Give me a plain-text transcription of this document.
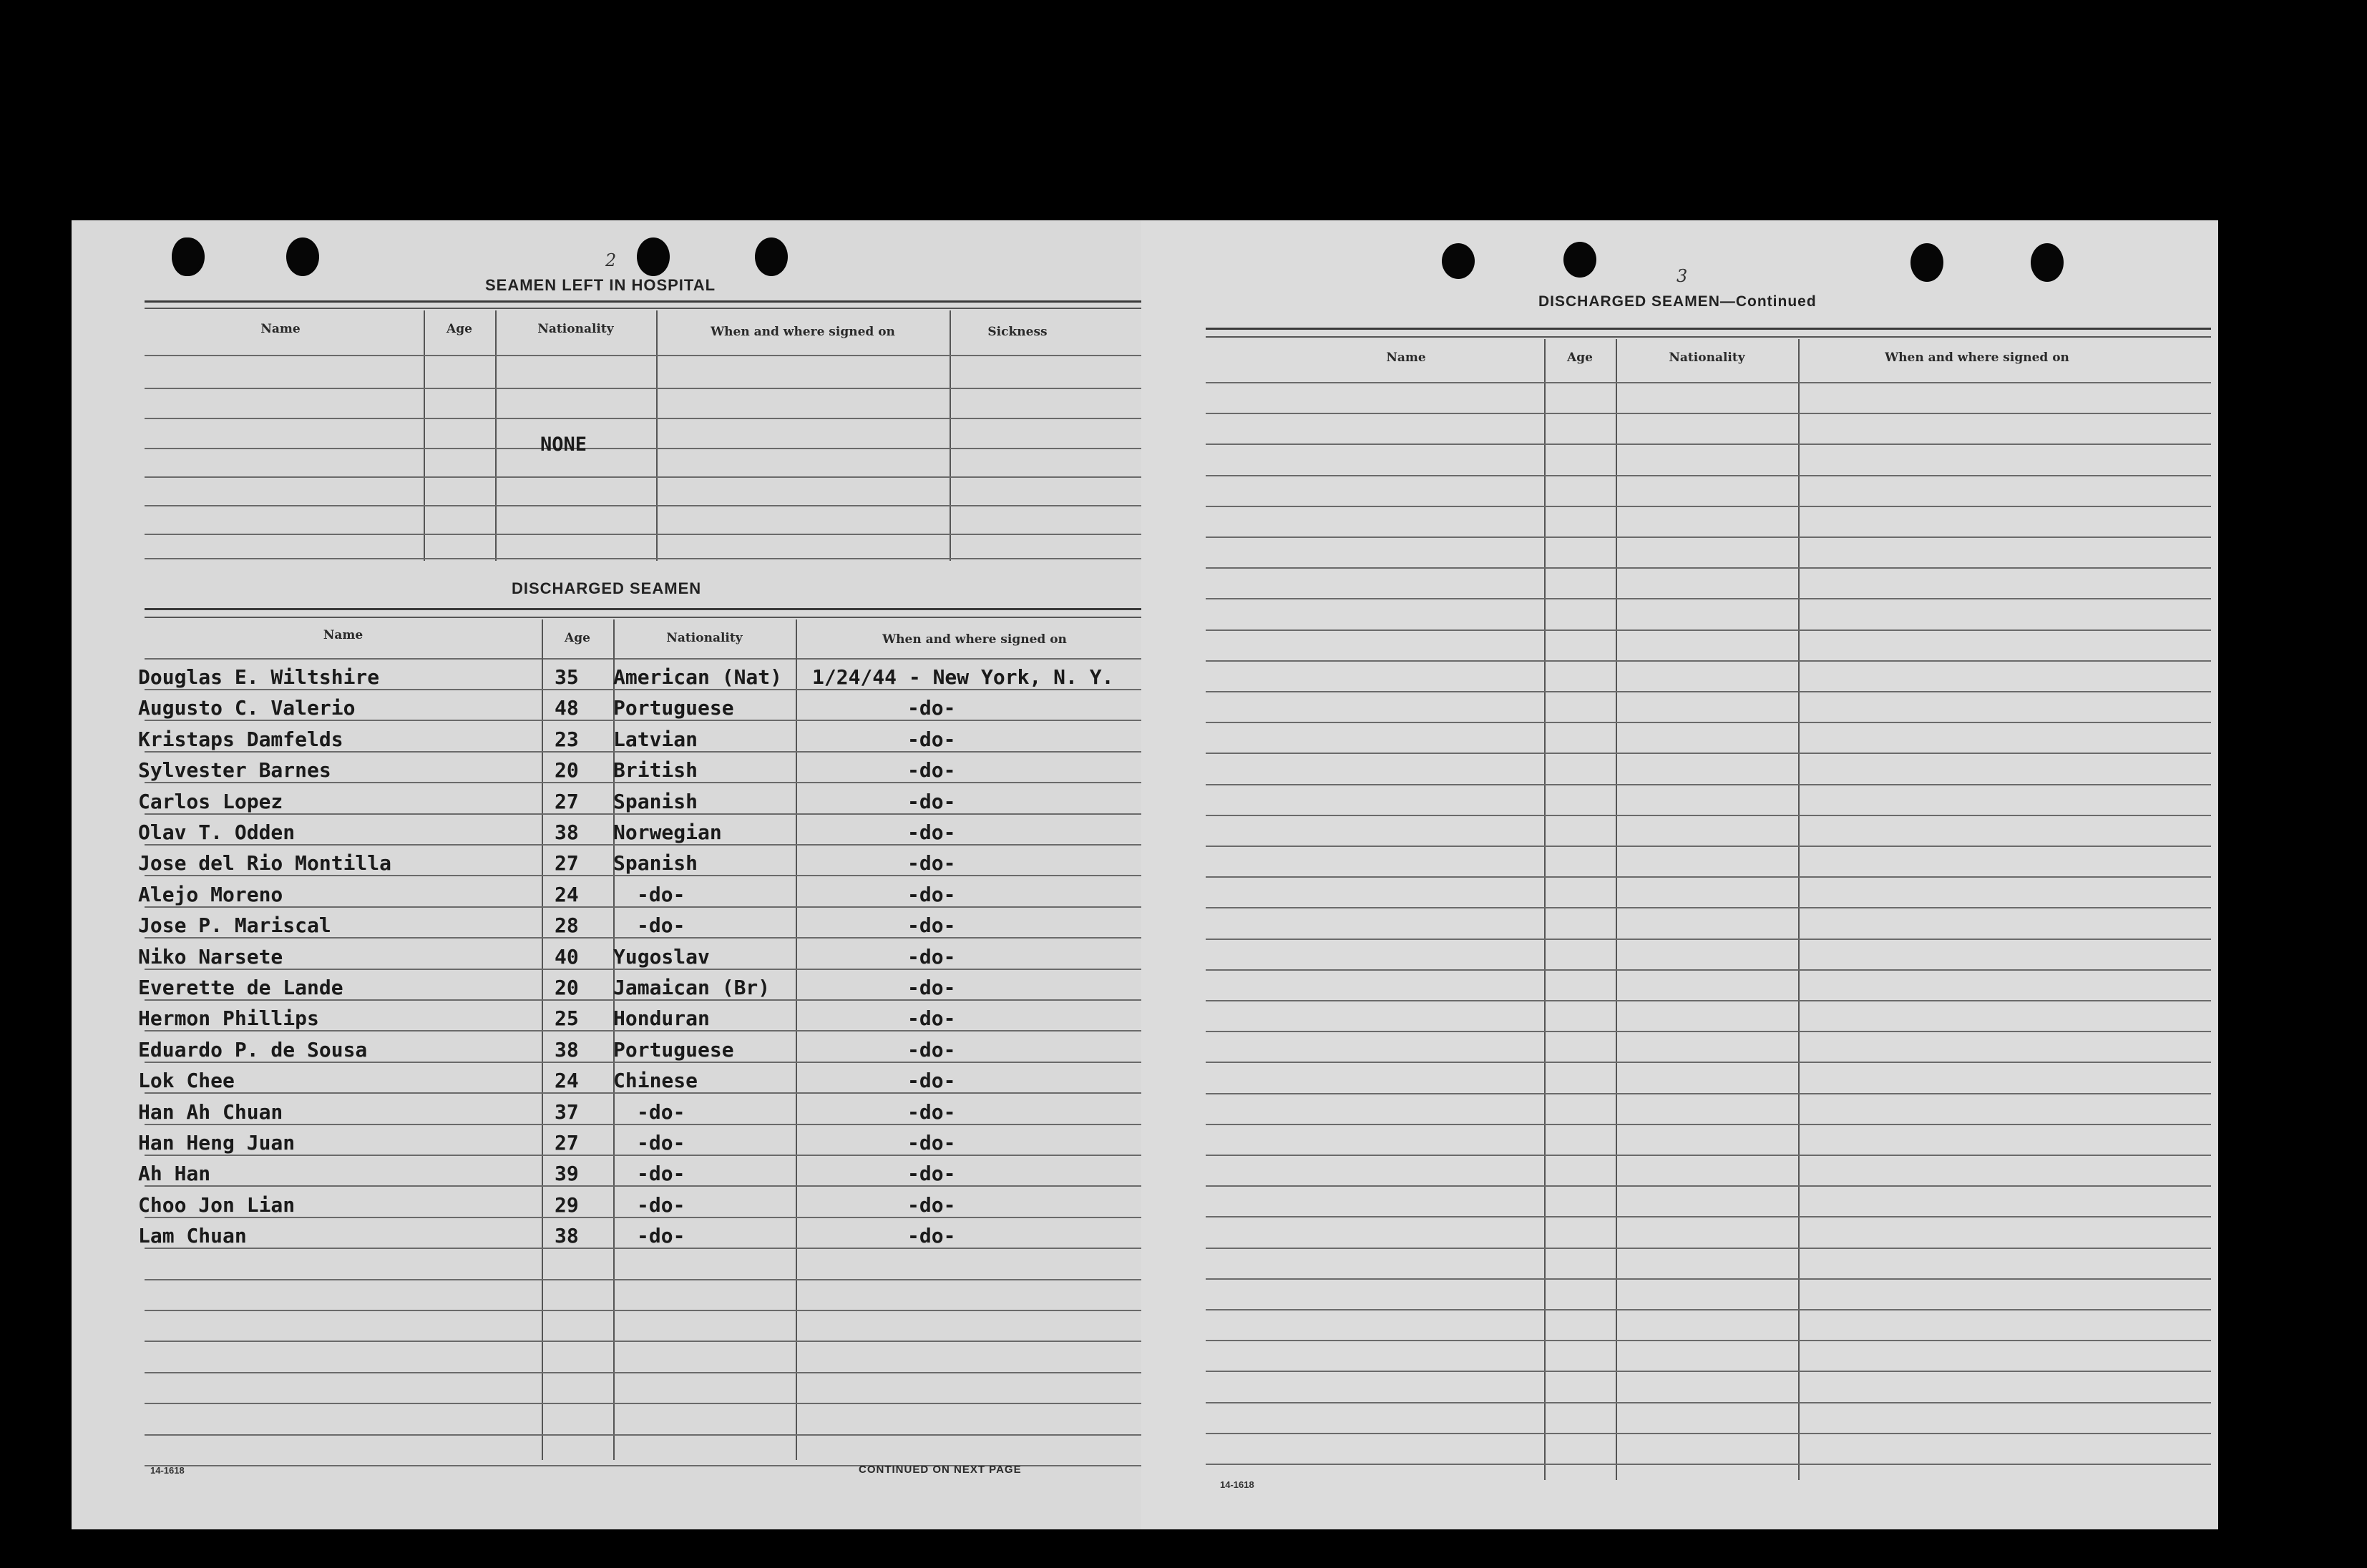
2
SEAMEN LEFT IN HOSPITAL
Name	Age	Nationality	When and where signed on	Sickness
NONE
DISCHARGED SEAMEN
Name	Age	Nationality	When and where signed on
Douglas E. Wiltshire	35 American (Nat) 1/24/44 - New York, N. Y.
Augusto C. Valerio	48 Portuguese	-do-
Kristaps Damfelds	23 Latvian	-do-
Sylvester Barnes	20 British	-do-
Carlos Lopez	27 Spanish	-do-
Olav T. Odden	38 Norwegian	-do-
Jose del Rio Montilla	27 Spanish	-do-
Alejo Moreno	24	-do-	-do-
Jose P. Mariscal	28	-do-	-do-
Niko Narsete	40 Yugoslav	-do-
Everette de Lande	20 Jamaican (Br)	-do-
Hermon Phillips	25 Honduran	-do-
Eduardo P. de Sousa	38 Portuguese	-do-
Lok Chee	24 Chinese	-do-
Han Ah Chuan	37	-do-	-do-
Han Heng Juan	27	-do-	-do-
Ah Han	39	-do-	-do-
Choo Jon Lian	29	-do-	-do-
Lam Chuan	38	-do-	-do-
14-1618	CONTINUED ON NEXT PAGE
3
DISCHARGED SEAMEN—Continued
Name	Age	Nationality	When and where signed on
14-1618
